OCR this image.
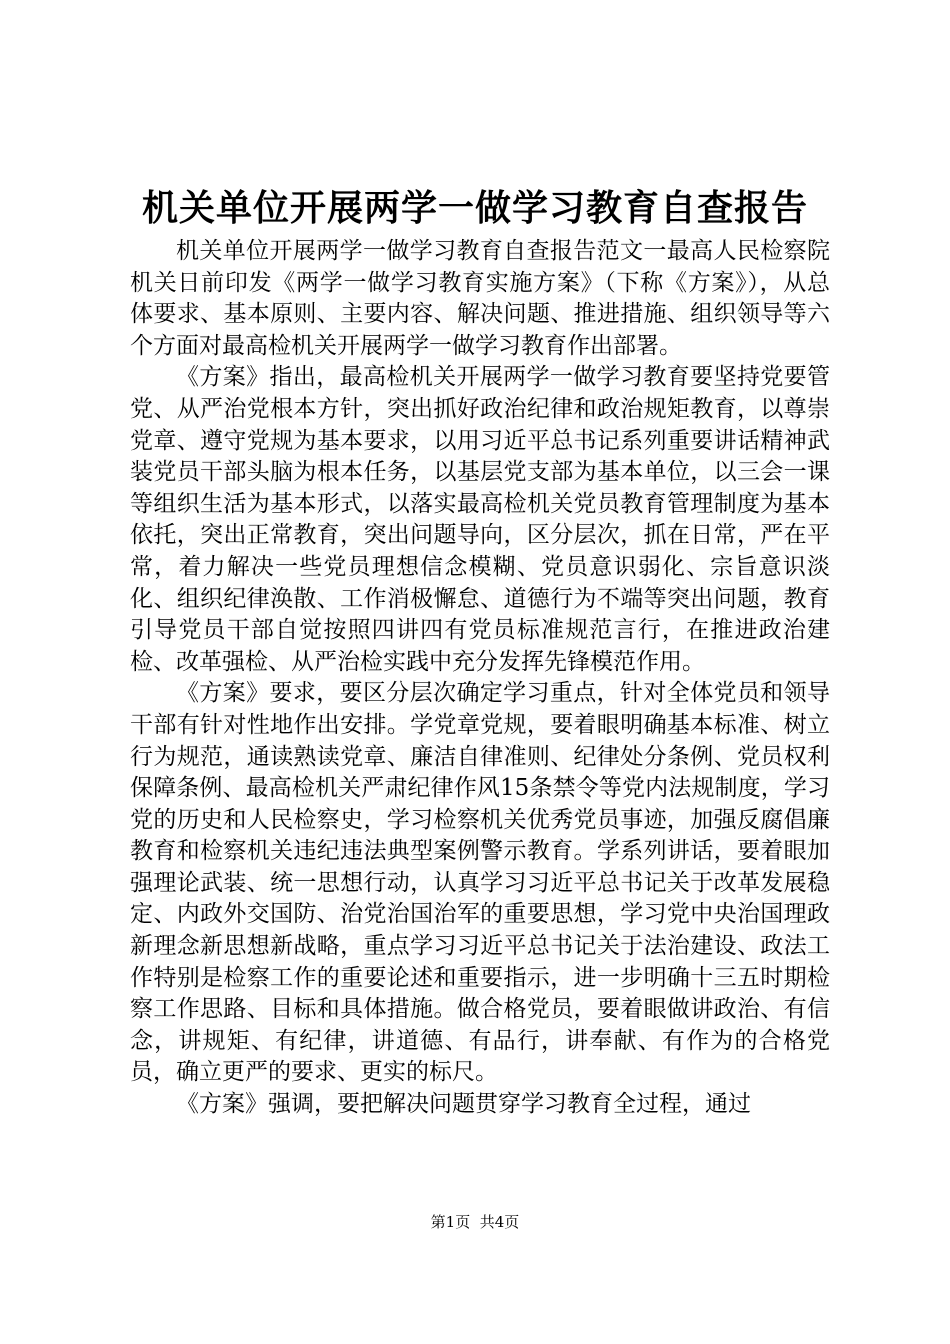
机关单位开展两学一做学习教育自查报告

机关单位开展两学一做学习教育自查报告范文一最高人民检察院机关日前印发《两学一做学习教育实施方案》（下称《方案》），从总体要求、基本原则、主要内容、解决问题、推进措施、组织领导等六个方面对最高检机关开展两学一做学习教育作出部署。

《方案》指出，最高检机关开展两学一做学习教育要坚持党要管党、从严治党根本方针，突出抓好政治纪律和政治规矩教育，以尊崇党章、遵守党规为基本要求，以用习近平总书记系列重要讲话精神武装党员干部头脑为根本任务，以基层党支部为基本单位，以三会一课等组织生活为基本形式，以落实最高检机关党员教育管理制度为基本依托，突出正常教育，突出问题导向，区分层次，抓在日常，严在平常，着力解决一些党员理想信念模糊、党员意识弱化、宗旨意识淡化、组织纪律涣散、工作消极懈怠、道德行为不端等突出问题，教育引导党员干部自觉按照四讲四有党员标准规范言行，在推进政治建检、改革强检、从严治检实践中充分发挥先锋模范作用。

《方案》要求，要区分层次确定学习重点，针对全体党员和领导干部有针对性地作出安排。学党章党规，要着眼明确基本标准、树立行为规范，通读熟读党章、廉洁自律准则、纪律处分条例、党员权利保障条例、最高检机关严肃纪律作风15条禁令等党内法规制度，学习党的历史和人民检察史，学习检察机关优秀党员事迹，加强反腐倡廉教育和检察机关违纪违法典型案例警示教育。学系列讲话，要着眼加强理论武装、统一思想行动，认真学习习近平总书记关于改革发展稳定、内政外交国防、治党治国治军的重要思想，学习党中央治国理政新理念新思想新战略，重点学习习近平总书记关于法治建设、政法工作特别是检察工作的重要论述和重要指示，进一步明确十三五时期检察工作思路、目标和具体措施。做合格党员，要着眼做讲政治、有信念，讲规矩、有纪律，讲道德、有品行，讲奉献、有作为的合格党员，确立更严的要求、更实的标尺。

《方案》强调，要把解决问题贯穿学习教育全过程，通过

第1页 共4页
